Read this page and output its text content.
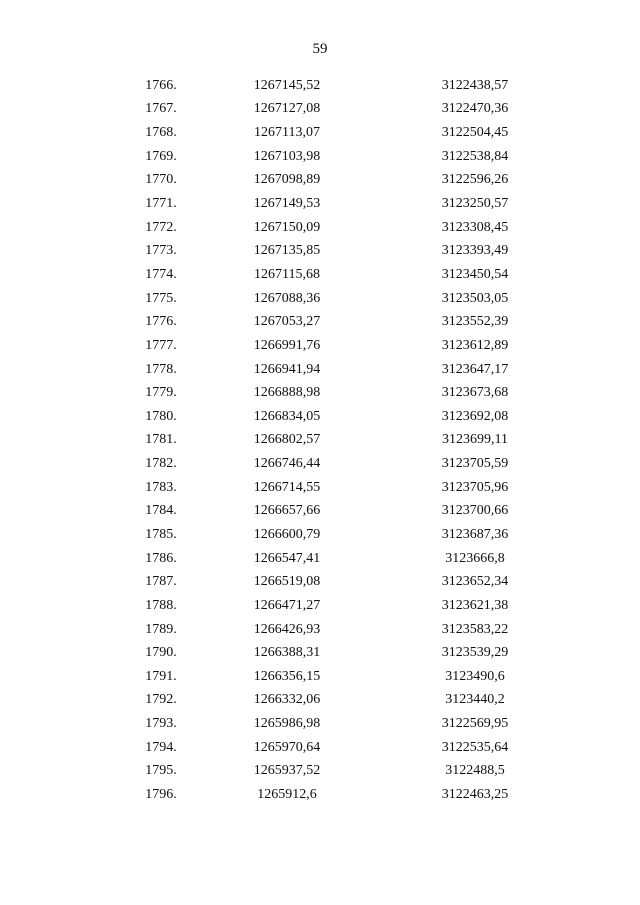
59
1766.	1267145,52	3122438,57
1767.	1267127,08	3122470,36
1768.	1267113,07	3122504,45
1769.	1267103,98	3122538,84
1770.	1267098,89	3122596,26
1771.	1267149,53	3123250,57
1772.	1267150,09	3123308,45
1773.	1267135,85	3123393,49
1774.	1267115,68	3123450,54
1775.	1267088,36	3123503,05
1776.	1267053,27	3123552,39
1777.	1266991,76	3123612,89
1778.	1266941,94	3123647,17
1779.	1266888,98	3123673,68
1780.	1266834,05	3123692,08
1781.	1266802,57	3123699,11
1782.	1266746,44	3123705,59
1783.	1266714,55	3123705,96
1784.	1266657,66	3123700,66
1785.	1266600,79	3123687,36
1786.	1266547,41	3123666,8
1787.	1266519,08	3123652,34
1788.	1266471,27	3123621,38
1789.	1266426,93	3123583,22
1790.	1266388,31	3123539,29
1791.	1266356,15	3123490,6
1792.	1266332,06	3123440,2
1793.	1265986,98	3122569,95
1794.	1265970,64	3122535,64
1795.	1265937,52	3122488,5
1796.	1265912,6	3122463,25
